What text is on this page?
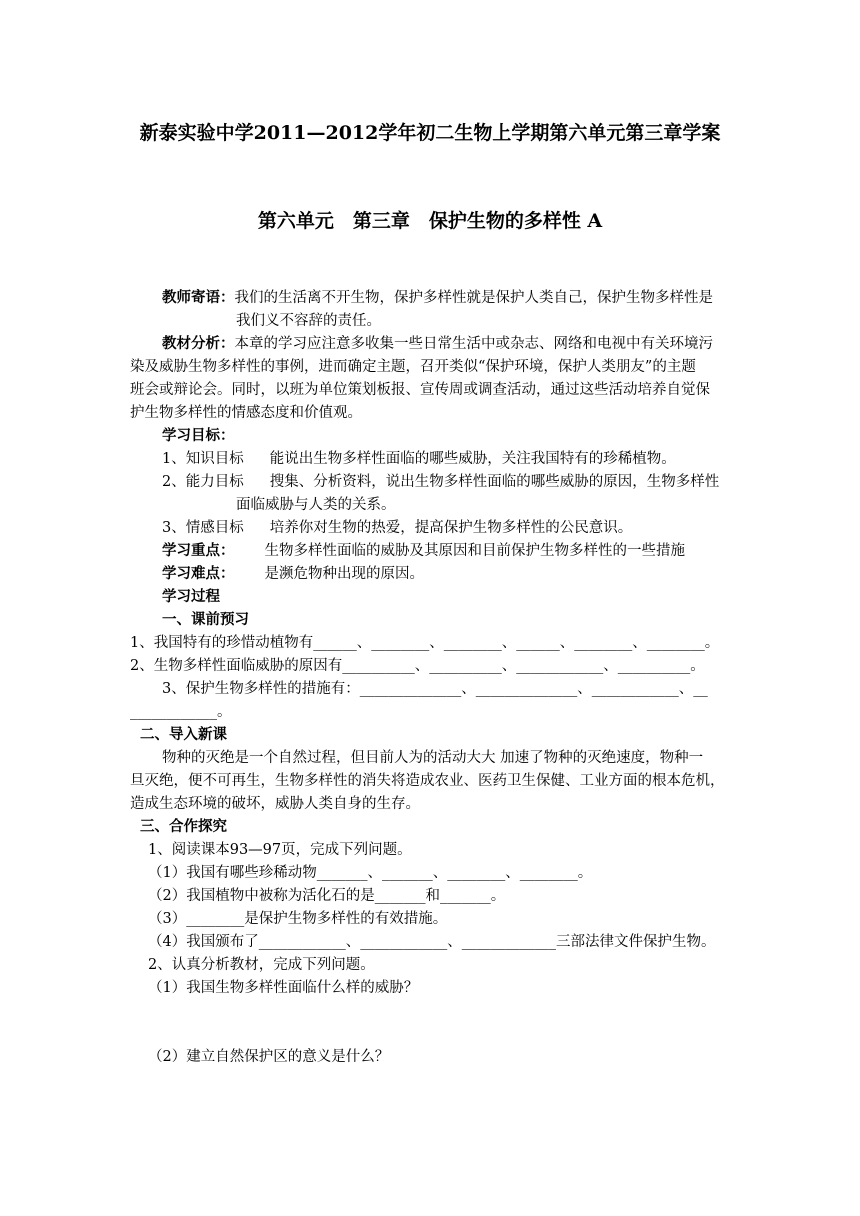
新泰实验中学2011—2012学年初二生物上学期第六单元第三章学案
第六单元　第三章　保护生物的多样性 A
教师寄语：我们的生活离不开生物，保护多样性就是保护人类自己，保护生物多样性是
我们义不容辞的责任。
教材分析：本章的学习应注意多收集一些日常生活中或杂志、网络和电视中有关环境污
染及威胁生物多样性的事例，进而确定主题，召开类似“保护环境，保护人类朋友”的主题
班会或辩论会。同时，以班为单位策划板报、宣传周或调查活动，通过这些活动培养自觉保
护生物多样性的情感态度和价值观。
学习目标：
1、知识目标 能说出生物多样性面临的哪些威胁，关注我国特有的珍稀植物。
2、能力目标 搜集、分析资料，说出生物多样性面临的哪些威胁的原因，生物多样性
面临威胁与人类的关系。
3、情感目标 培养你对生物的热爱，提高保护生物多样性的公民意识。
学习重点： 生物多样性面临的威胁及其原因和目前保护生物多样性的一些措施
学习难点： 是濒危物种出现的原因。
学习过程
一、课前预习
1、我国特有的珍惜动植物有______、________、________、______、________、________。
2、生物多样性面临威胁的原因有__________、__________、____________、__________。
3、保护生物多样性的措施有：______________、______________、____________、__
____________。
二、导入新课
物种的灭绝是一个自然过程，但目前人为的活动大大 加速了物种的灭绝速度，物种一
旦灭绝，便不可再生，生物多样性的消失将造成农业、医药卫生保健、工业方面的根本危机，
造成生态环境的破坏，威胁人类自身的生存。
三、合作探究
1、阅读课本93—97页，完成下列问题。
（1）我国有哪些珍稀动物_______、_______、________、________。
（2）我国植物中被称为活化石的是_______和_______。
（3）________是保护生物多样性的有效措施。
（4）我国颁布了____________、____________、_____________三部法律文件保护生物。
2、认真分析教材，完成下列问题。
（1）我国生物多样性面临什么样的威胁？
（2）建立自然保护区的意义是什么？
